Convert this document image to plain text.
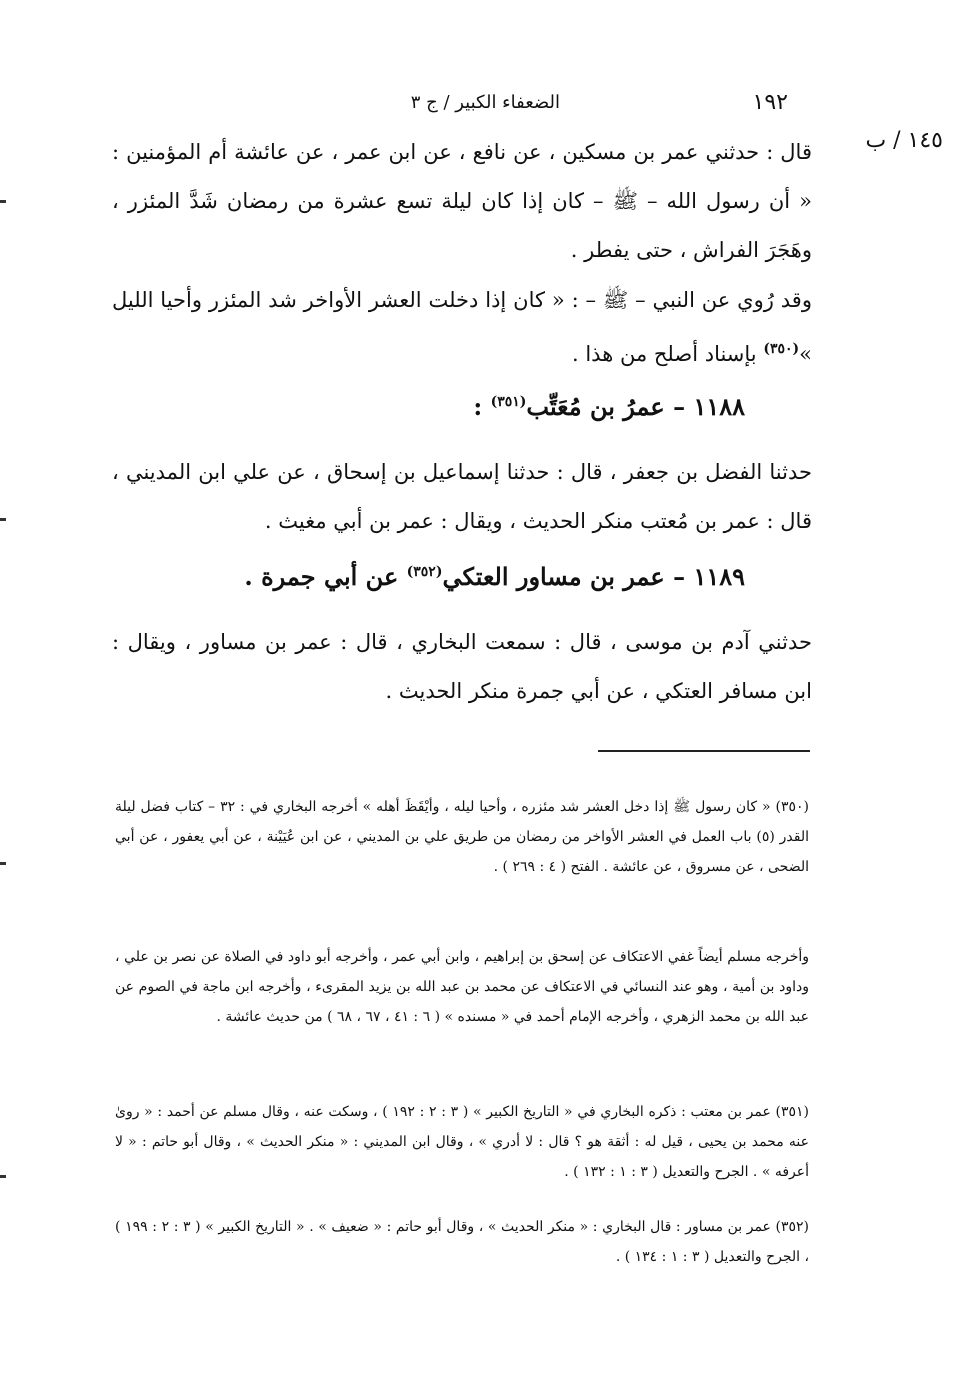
١٩٢
الضعفاء الكبير / ج ٣
١٤٥ / ب

قال : حدثني عمر بن مسكين ، عن نافع ، عن ابن عمر ، عن عائشة أم المؤمنين : « أن رسول الله – ﷺ – كان إذا كان ليلة تسع عشرة من رمضان شَدَّ المئزر ، وهَجَرَ الفراش ، حتى يفطر .

وقد رُوي عن النبي – ﷺ – : « كان إذا دخلت العشر الأواخر شد المئزر وأحيا الليل »$^{(٣٥٠)}$ بإسناد أصلح من هذا .

١١٨٨ – عمرُ بن مُعَتِّب$^{(٣٥١)}$ :

حدثنا الفضل بن جعفر ، قال : حدثنا إسماعيل بن إسحاق ، عن علي ابن المديني ، قال : عمر بن مُعتب منكر الحديث ، ويقال : عمر بن أبي مغيث .

١١٨٩ – عمر بن مساور العتكي$^{(٣٥٢)}$ عن أبي جمرة .

حدثني آدم بن موسى ، قال : سمعت البخاري ، قال : عمر بن مساور ، ويقال : ابن مسافر العتكي ، عن أبي جمرة منكر الحديث .

(٣٥٠) « كان رسول ﷺ إذا دخل العشر شد مئزره ، وأحيا ليله ، وأيْقَظَ أهله » أخرجه البخاري في : ٣٢ – كتاب فضل ليلة القدر (٥) باب العمل في العشر الأواخر من رمضان من طريق علي بن المديني ، عن ابن عُيَيْنة ، عن أبي يعفور ، عن أبي الضحى ، عن مسروق ، عن عائشة . الفتح ( ٤ : ٢٦٩ ) .

وأخرجه مسلم أيضاً غفي الاعتكاف عن إسحق بن إبراهيم ، وابن أبي عمر ، وأخرجه أبو داود في الصلاة عن نصر بن علي ، وداود بن أمية ، وهو عند النسائي في الاعتكاف عن محمد بن عبد الله بن يزيد المقرىء ، وأخرجه ابن ماجة في الصوم عن عبد الله بن محمد الزهري ، وأخرجه الإمام أحمد في « مسنده » ( ٦ : ٤١ ، ٦٧ ، ٦٨ ) من حديث عائشة .

(٣٥١) عمر بن معتب : ذكره البخاري في « التاريخ الكبير » ( ٣ : ٢ : ١٩٢ ) ، وسكت عنه ، وقال مسلم عن أحمد : « روىٰ عنه محمد بن يحيى ، قيل له : أثقة هو ؟ قال : لا أدري » ، وقال ابن المديني : « منكر الحديث » ، وقال أبو حاتم : « لا أعرفه » . الجرح والتعديل ( ٣ : ١ : ١٣٢ ) .

(٣٥٢) عمر بن مساور : قال البخاري : « منكر الحديث » ، وقال أبو حاتم : « ضعيف » . « التاريخ الكبير » ( ٣ : ٢ : ١٩٩ ) ، الجرح والتعديل ( ٣ : ١ : ١٣٤ ) .
